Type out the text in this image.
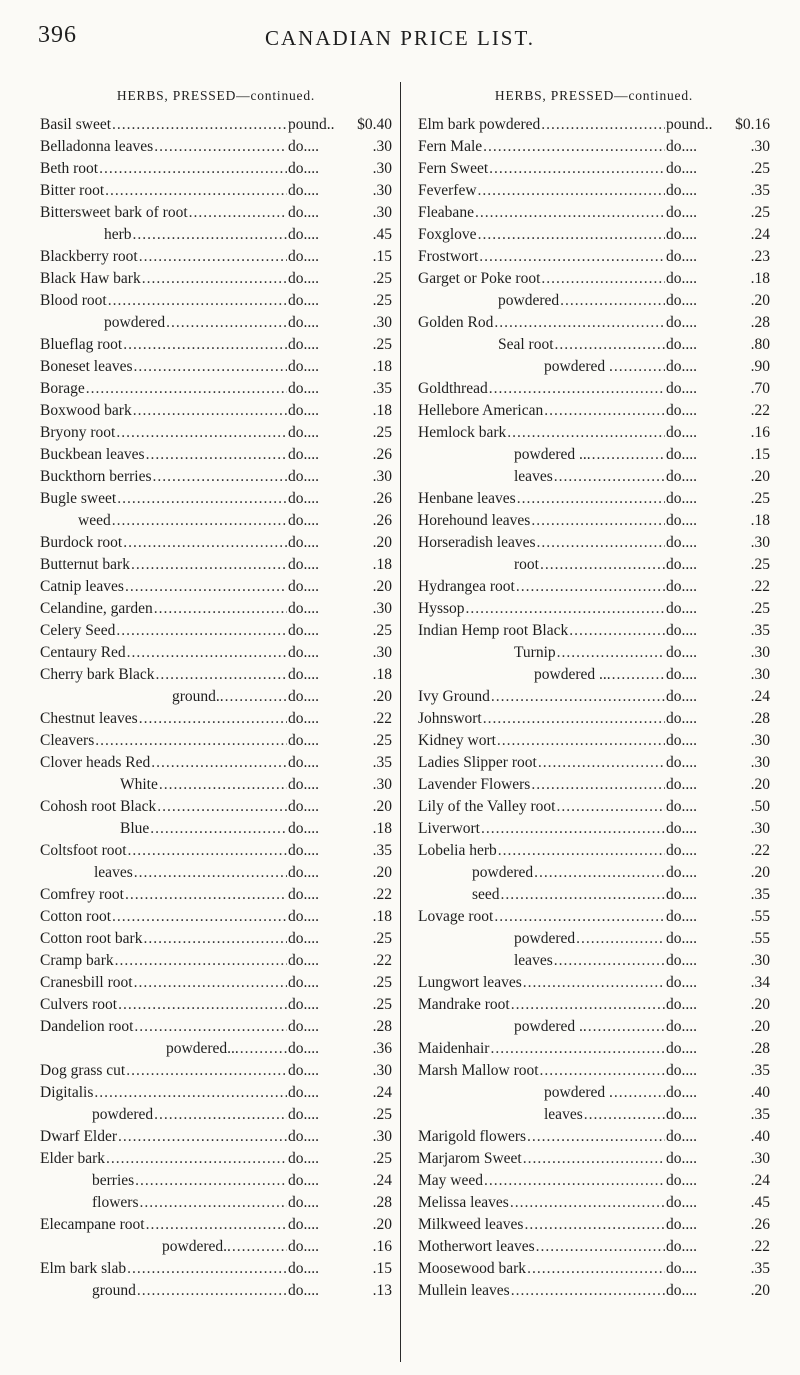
396	CANADIAN PRICE LIST.
HERBS, PRESSED—continued.
Basil sweet .....	pound..	$0.40
Belladonna leaves .....	do....	.30
Beth root .....	do....	.30
Bitter root .....	do....	.30
Bittersweet bark of root .....	do....	.30
herb .....	do....	.45
Blackberry root .....	do....	.15
Black Haw bark .....	do....	.25
Blood root .....	do....	.25
powdered .....	do....	.30
Blueflag root .....	do....	.25
Boneset leaves .....	do....	.18
Borage .....	do....	.35
Boxwood bark .....	do....	.18
Bryony root .....	do....	.25
Buckbean leaves .....	do....	.26
Buckthorn berries .....	do....	.30
Bugle sweet .....	do....	.26
weed .....	do....	.26
Burdock root .....	do....	.20
Butternut bark .....	do....	.18
Catnip leaves .....	do....	.20
Celandine, garden .....	do....	.30
Celery Seed .....	do....	.25
Centaury Red .....	do....	.30
Cherry bark Black .....	do....	.18
ground.. .....	do....	.20
Chestnut leaves .....	do....	.22
Cleavers .....	do....	.25
Clover heads Red .....	do....	.35
White .....	do....	.30
Cohosh root Black .....	do....	.20
Blue .....	do....	.18
Coltsfoot root .....	do....	.35
leaves .....	do....	.20
Comfrey root .....	do....	.22
Cotton root .....	do....	.18
Cotton root bark .....	do....	.25
Cramp bark .....	do....	.22
Cranesbill root .....	do....	.25
Culvers root .....	do....	.25
Dandelion root .....	do....	.28
powdered... .....	do....	.36
Dog grass cut .....	do....	.30
Digitalis .....	do....	.24
powdered .....	do....	.25
Dwarf Elder .....	do....	.30
Elder bark .....	do....	.25
berries .....	do....	.24
flowers .....	do....	.28
Elecampane root .....	do....	.20
powdered.. .....	do....	.16
Elm bark slab .....	do....	.15
ground .....	do....	.13
HERBS, PRESSED—continued.
Elm bark powdered .....	pound..	$0.16
Fern Male .....	do....	.30
Fern Sweet .....	do....	.25
Feverfew .....	do....	.35
Fleabane .....	do....	.25
Foxglove .....	do....	.24
Frostwort .....	do....	.23
Garget or Poke root .....	do....	.18
powdered .....	do....	.20
Golden Rod .....	do....	.28
Seal root .....	do....	.80
powdered . .....	do....	.90
Goldthread .....	do....	.70
Hellebore American .....	do....	.22
Hemlock bark .....	do....	.16
powdered ... .....	do....	.15
leaves .....	do....	.20
Henbane leaves .....	do....	.25
Horehound leaves .....	do....	.18
Horseradish leaves .....	do....	.30
root .....	do....	.25
Hydrangea root .....	do....	.22
Hyssop .....	do....	.25
Indian Hemp root Black .....	do....	.35
Turnip .....	do....	.30
powdered ... .....	do....	.30
Ivy Ground .....	do....	.24
Johnswort .....	do....	.28
Kidney wort .....	do....	.30
Ladies Slipper root .....	do....	.30
Lavender Flowers .....	do....	.20
Lily of the Valley root .....	do....	.50
Liverwort .....	do....	.30
Lobelia herb .....	do....	.22
powdered .....	do....	.20
seed .....	do....	.35
Lovage root .....	do....	.55
powdered .....	do....	.55
leaves .....	do....	.30
Lungwort leaves .....	do....	.34
Mandrake root .....	do....	.20
powdered .. .....	do....	.20
Maidenhair .....	do....	.28
Marsh Mallow root .....	do....	.35
powdered . .....	do....	.40
leaves .....	do....	.35
Marigold flowers .....	do....	.40
Marjarom Sweet .....	do....	.30
May weed .....	do....	.24
Melissa leaves .....	do....	.45
Milkweed leaves .....	do....	.26
Motherwort leaves .....	do....	.22
Moosewood bark .....	do....	.35
Mullein leaves .....	do....	.20
